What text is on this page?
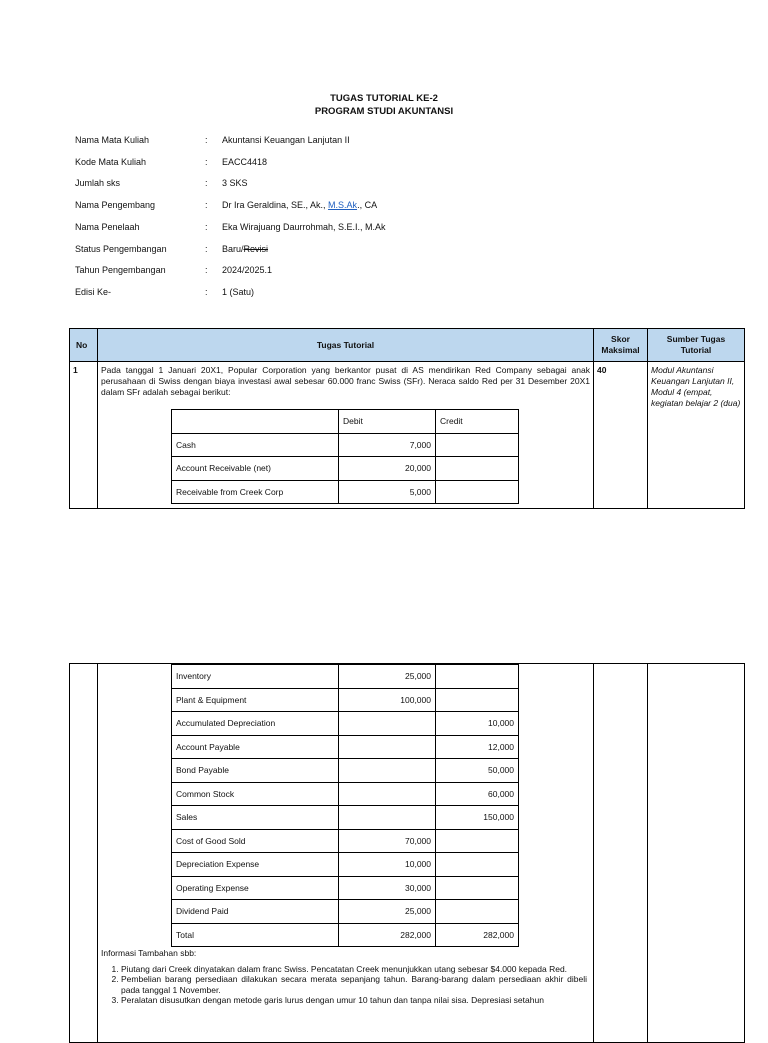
TUGAS TUTORIAL KE-2
PROGRAM STUDI AKUNTANSI
Nama Mata Kuliah	: Akuntansi Keuangan Lanjutan II
Kode Mata Kuliah	: EACC4418
Jumlah sks	: 3 SKS
Nama Pengembang	: Dr Ira Geraldina, SE., Ak., M.S.Ak., CA
Nama Penelaah	: Eka Wirajuang Daurrohmah, S.E.I., M.Ak
Status Pengembangan	: Baru/Revisi
Tahun Pengembangan	: 2024/2025.1
Edisi Ke-	: 1 (Satu)
No	Tugas Tutorial	Skor Maksimal	Sumber Tugas Tutorial
1	Pada tanggal 1 Januari 20X1, Popular Corporation yang berkantor pusat di AS mendirikan Red Company sebagai anak perusahaan di Swiss dengan biaya investasi awal sebesar 60.000 franc Swiss (SFr). Neraca saldo Red per 31 Desember 20X1 dalam SFr adalah sebagai berikut:	40	Modul Akuntansi Keuangan Lanjutan II, Modul 4 (empat, kegiatan belajar 2 (dua)
	Debit	Credit
Cash	7,000	
Account Receivable (net)	20,000	
Receivable from Creek Corp	5,000	

Inventory	25,000	
Plant & Equipment	100,000	
Accumulated Depreciation		10,000
Account Payable		12,000
Bond Payable		50,000
Common Stock		60,000
Sales		150,000
Cost of Good Sold	70,000	
Depreciation Expense	10,000	
Operating Expense	30,000	
Dividend Paid	25,000	
Total	282,000	282,000
Informasi Tambahan sbb:
1. Piutang dari Creek dinyatakan dalam franc Swiss. Pencatatan Creek menunjukkan utang sebesar $4.000 kepada Red.
2. Pembelian barang persediaan dilakukan secara merata sepanjang tahun. Barang-barang dalam persediaan akhir dibeli pada tanggal 1 November.
3. Peralatan disusutkan dengan metode garis lurus dengan umur 10 tahun dan tanpa nilai sisa. Depresiasi setahun
